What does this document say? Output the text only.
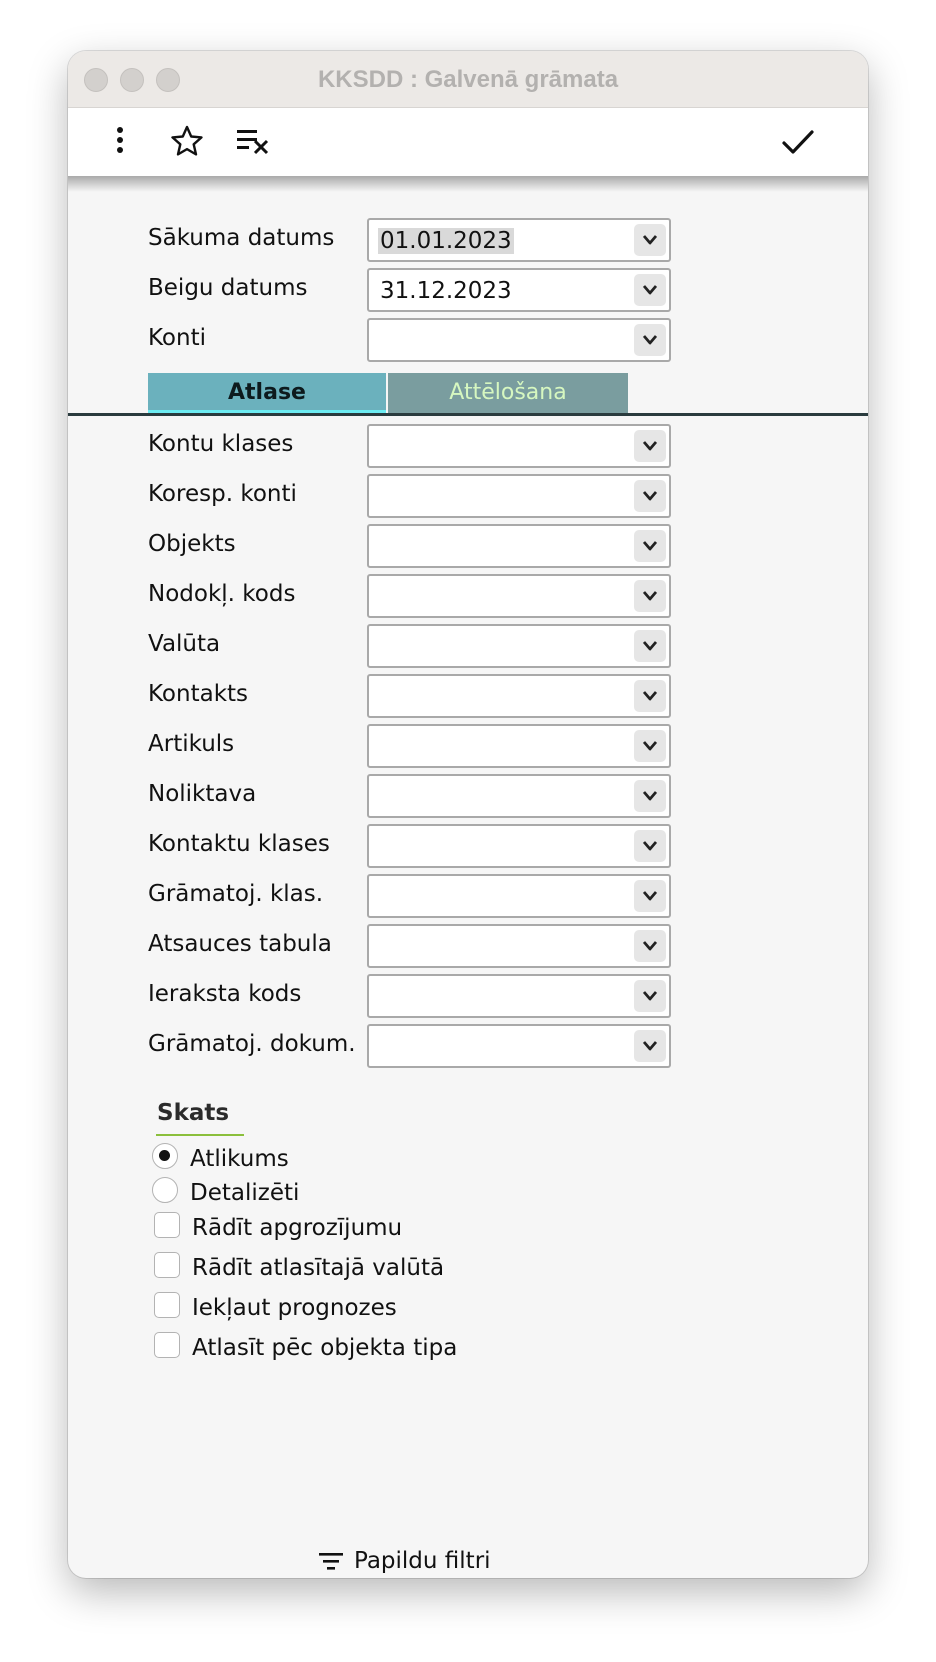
KKSDD : Galvenā grāmata
Sākuma datums 01.01.2023
Beigu datums	31.12.2023
Konti
Atlase	Attēlošana
Kontu klases
Koresp. konti
Objekts
Nodokļ. kods
Valūta
Kontakts
Artikuls
Noliktava
Kontaktu klases
Grāmatoj. klas.
Atsauces tabula
Ieraksta kods
Grāmatoj. dokum.
Skats
Atlikums
Detalizēti
Rādīt apgrozījumu
Rādīt atlasītajā valūtā
Iekļaut prognozes
Atlasīt pēc objekta tipa
Papildu filtri
